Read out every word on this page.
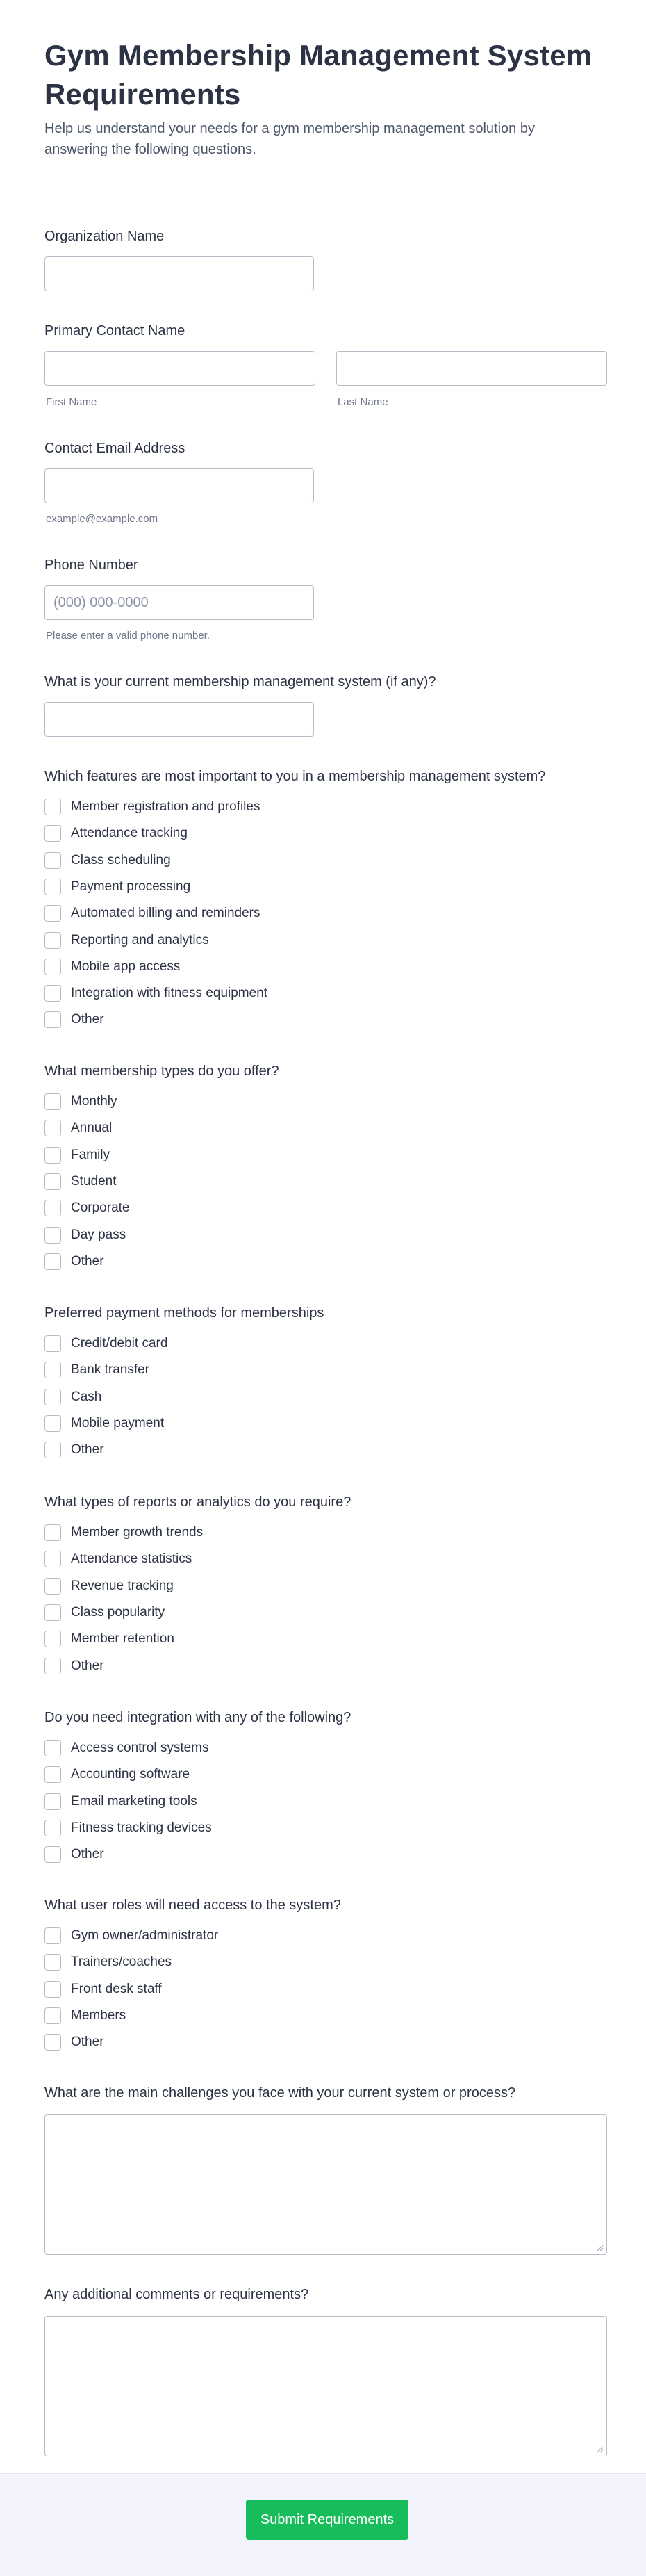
Gym Membership Management System Requirements

Help us understand your needs for a gym membership management solution by answering the following questions.

Organization Name
Primary Contact Name
First Name	Last Name
Contact Email Address
example@example.com
Phone Number
(000) 000-0000
Please enter a valid phone number.
What is your current membership management system (if any)?
Which features are most important to you in a membership management system?
Member registration and profiles
Attendance tracking
Class scheduling
Payment processing
Automated billing and reminders
Reporting and analytics
Mobile app access
Integration with fitness equipment
Other
What membership types do you offer?
Monthly
Annual
Family
Student
Corporate
Day pass
Other
Preferred payment methods for memberships
Credit/debit card
Bank transfer
Cash
Mobile payment
Other
What types of reports or analytics do you require?
Member growth trends
Attendance statistics
Revenue tracking
Class popularity
Member retention
Other
Do you need integration with any of the following?
Access control systems
Accounting software
Email marketing tools
Fitness tracking devices
Other
What user roles will need access to the system?
Gym owner/administrator
Trainers/coaches
Front desk staff
Members
Other
What are the main challenges you face with your current system or process?
Any additional comments or requirements?
Submit Requirements
